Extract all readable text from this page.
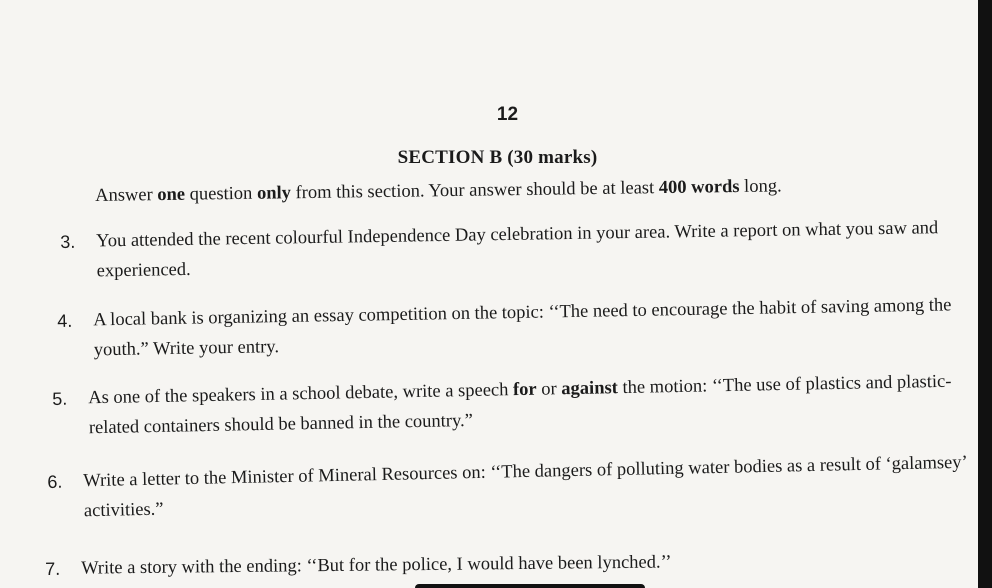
12
SECTION B (30 marks)
Answer one question only from this section. Your answer should be at least 400 words long.
3.	You attended the recent colourful Independence Day celebration in your area. Write a report on what you saw and experienced.
4.	A local bank is organizing an essay competition on the topic: ‘‘The need to encourage the habit of saving among the youth.” Write your entry.
5.	As one of the speakers in a school debate, write a speech for or against the motion: ‘‘The use of plastics and plastic-related containers should be banned in the country.”
6.	Write a letter to the Minister of Mineral Resources on: ‘‘The dangers of polluting water bodies as a result of ‘galamsey’ activities.”
7.	Write a story with the ending: ‘‘But for the police, I would have been lynched.’’
